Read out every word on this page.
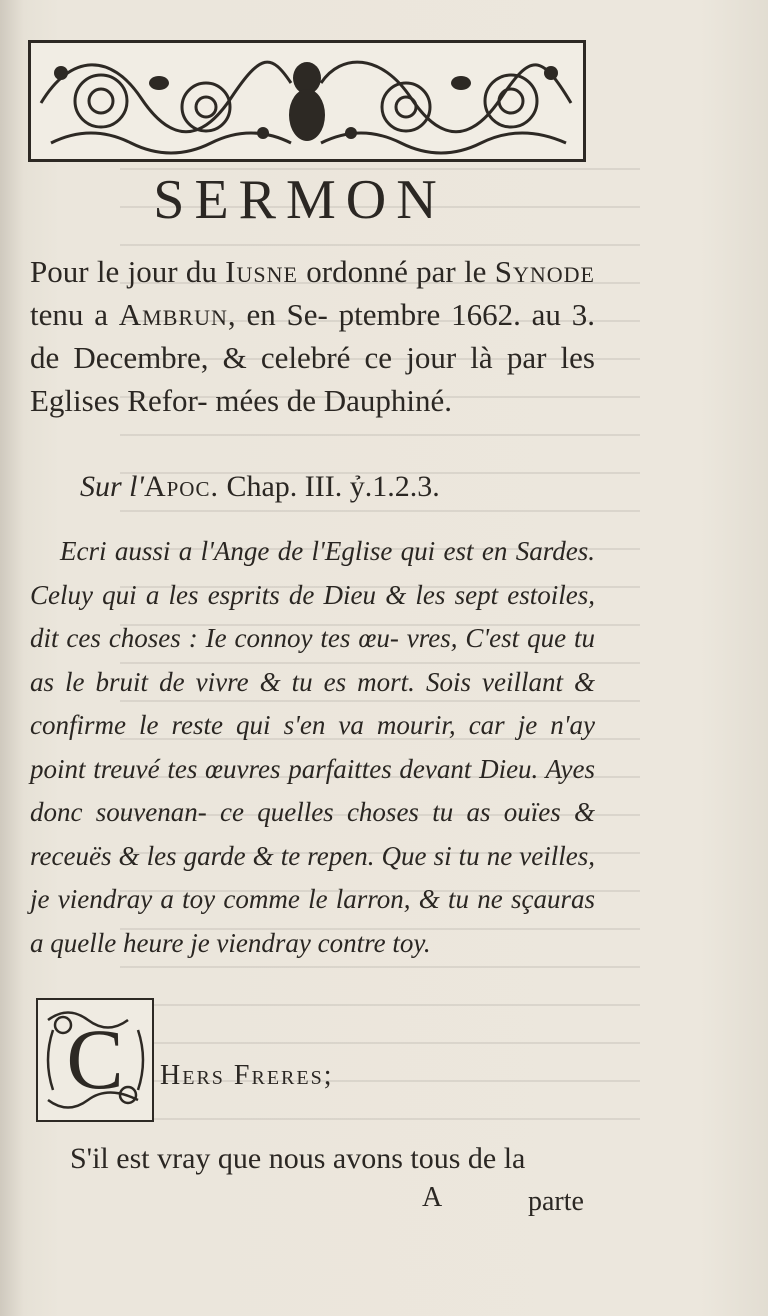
SERMON

Pour le jour du Iusne ordonné par le Synode tenu a Ambrun, en Se- ptembre 1662. au 3. de Decembre, & celebré ce jour là par les Eglises Refor- mées de Dauphiné.

Sur l'Apoc. Chap. III. ỷ.1.2.3.

Ecri aussi a l'Ange de l'Eglise qui est en Sardes. Celuy qui a les esprits de Dieu & les sept estoiles, dit ces choses : Ie connoy tes œu- vres, C'est que tu as le bruit de vivre & tu es mort. Sois veillant & confirme le reste qui s'en va mourir, car je n'ay point treuvé tes œuvres parfaittes devant Dieu. Ayes donc souvenan- ce quelles choses tu as ouïes & receuës & les garde & te repen. Que si tu ne veilles, je viendray a toy comme le larron, & tu ne sçauras a quelle heure je viendray contre toy.

C Hers Freres;
S'il est vray que nous avons tous de la
A	parte
